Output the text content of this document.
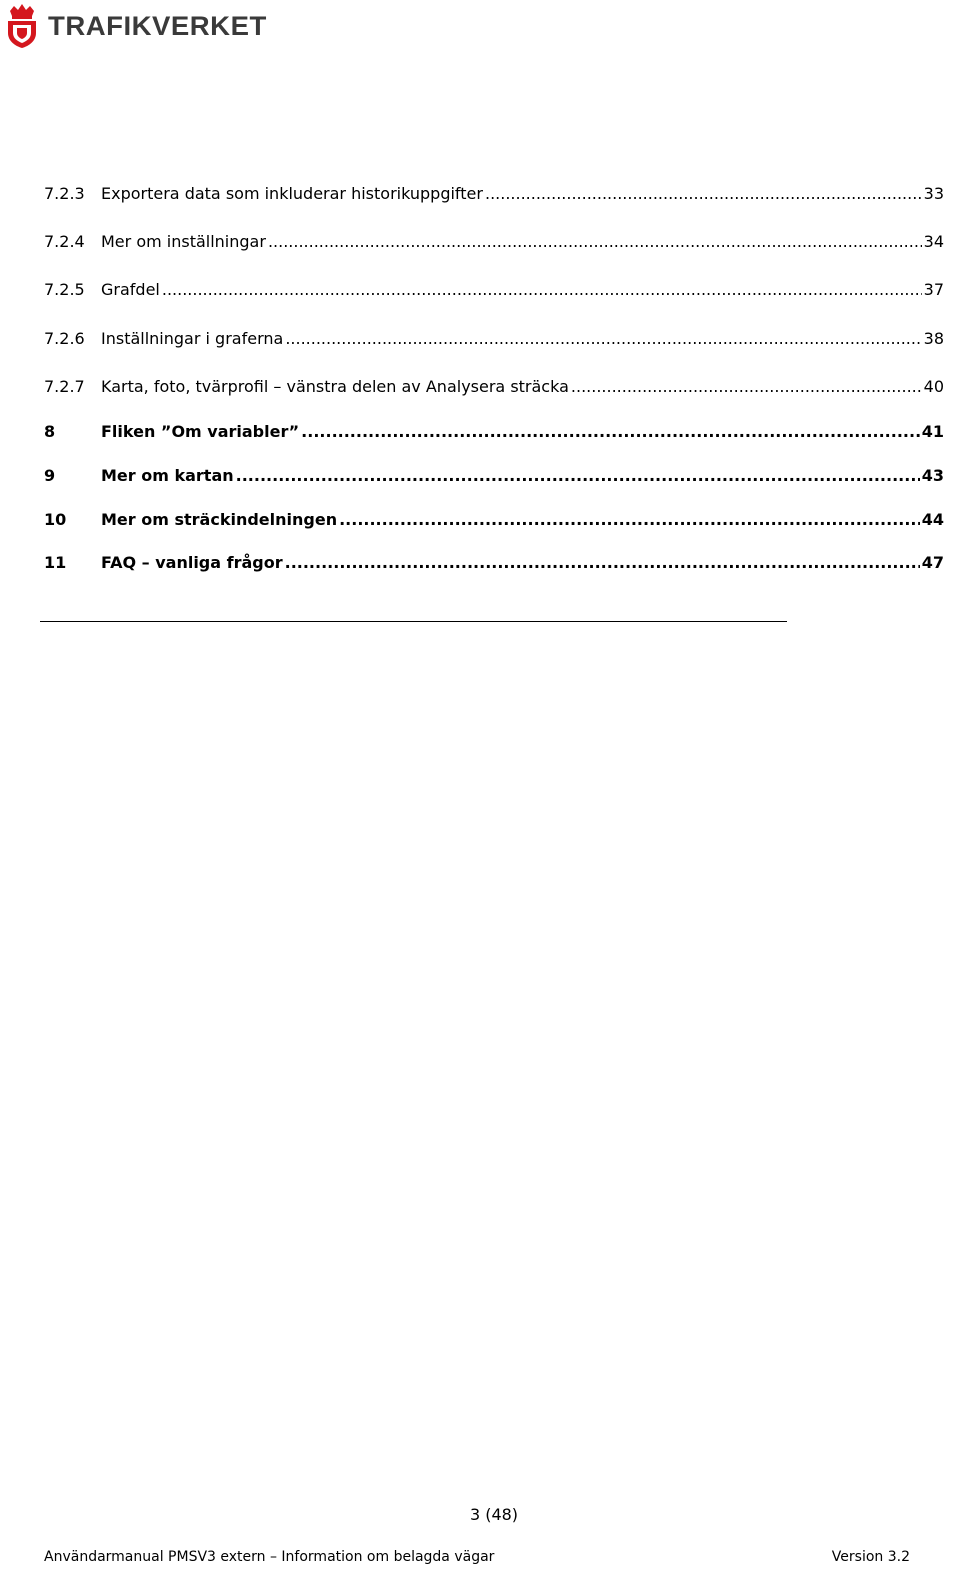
TRAFIKVERKET
7.2.3	Exportera data som inkluderar historikuppgifter .....	33
7.2.4	Mer om inställningar .....	34
7.2.5	Grafdel .....	37
7.2.6	Inställningar i graferna .....	38
7.2.7	Karta, foto, tvärprofil – vänstra delen av Analysera sträcka .....	40
8	Fliken ”Om variabler” .....	41
9	Mer om kartan .....	43
10	Mer om sträckindelningen .....	44
11	FAQ – vanliga frågor .....	47
3 (48)
Användarmanual PMSV3 extern – Information om belagda vägar	Version 3.2
